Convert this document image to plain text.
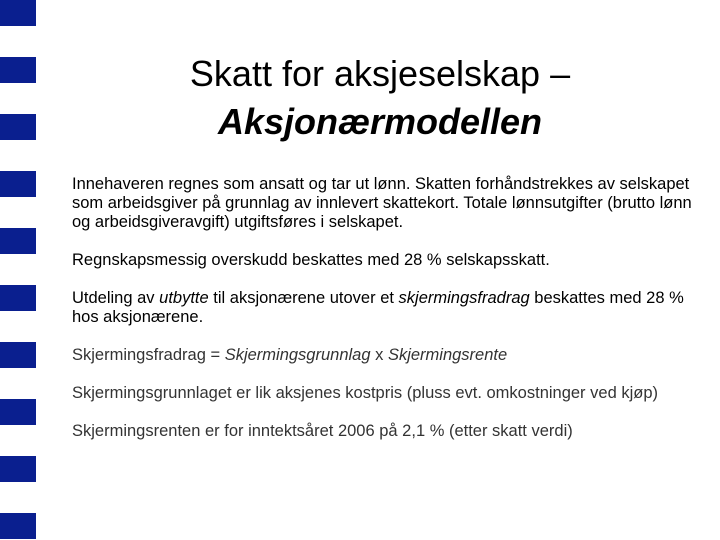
Skatt for aksjeselskap –
Aksjonærmodellen

Innehaveren regnes som ansatt og tar ut lønn. Skatten forhåndstrekkes av selskapet som arbeidsgiver på grunnlag av innlevert skattekort. Totale lønnsutgifter (brutto lønn og arbeidsgiveravgift) utgiftsføres i selskapet.

Regnskapsmessig overskudd beskattes med 28 % selskapsskatt.

Utdeling av utbytte til aksjonærene utover et skjermingsfradrag beskattes med 28 % hos aksjonærene.

Skjermingsfradrag = Skjermingsgrunnlag x Skjermingsrente

Skjermingsgrunnlaget er lik aksjenes kostpris (pluss evt. omkostninger ved kjøp)

Skjermingsrenten er for inntektsåret 2006 på 2,1 % (etter skatt verdi)
